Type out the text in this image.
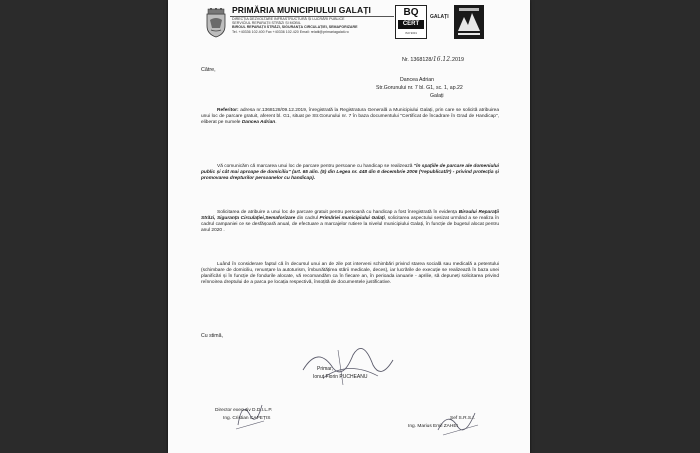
PRIMĂRIA MUNICIPIULUI GALAȚI
DIRECȚIA DEZVOLTARE INFRASTRUCTURĂ ȘI LUCRĂRI PUBLICE
SERVICIUL REPARAȚII STRĂZI ȘI MOBIL
BIROUL REPARAȚII STRĂZI, SIGURANȚA CIRCULAȚIEI, SEMAFORIZARE
Tel. +40336 102.400 Fax +40336 102.420 Email: relatii@primariagalati.ro
BQ
CERT
ISO 9001
GALAȚI
Nr. 1368128/16.12.2019
Către,
Dancea Adrian
Str.Gorunului nr. 7 bl. G1, sc. 1, ap.22
Galați
Referitor: adresa nr.1368128/09.12.2019, înregistrată la Registratura Generală a Municipiului Galați, prin care se solicită atribuirea unui loc de parcare gratuit, aferent bl. G1, situat pe Str.Gorunului nr. 7 în baza documentului "Certificat de încadrare în Grad de Handicap", eliberat pe numele Dancea Adrian.
Vă comunicăm că marcarea unui loc de parcare pentru persoane cu handicap se realizează "în spațiile de parcare ale domeniului public și cât mai aproape de domiciliu" (art. 65 alin. (5) din Legea nr. 448 din 6 decembrie 2006 (*republicată*) - privind protecția și promovarea drepturilor persoanelor cu handicap).
Solicitarea de atribuire a unui loc de parcare gratuit pentru persoană cu handicap a fost înregistrată în evidența Biroului Reparații Străzi, Siguranța Circulației,Semaforizare din cadrul Primăriei municipiului Galați, solicitarea aspectului sesizat urmând a se realiza în cadrul campaniei ce se desfășoară anual, de efectuare a marcajelor rutiere la nivelul municipiului Galați, în funcție de bugetul alocat pentru anul 2020 .
Luând în considerare faptul că în decursul unui an de zile pot interveni schimbări privind starea socială sau medicală a petentului (schimbare de domiciliu, renunțare la autoturism, îmbunătățirea stării medicale, deces), iar lucrările de execuție se realizează în baza unei planificări și în funcție de fondurile alocate, vă recomandăm ca în fiecare an, în perioada ianuarie - aprilie, să depuneți solicitarea privind reînnoirea dreptului de a parca pe locația respectivă, însoțită de documentele justificative.
Cu stimă,
Primar,
Ionuț Florin PUCHEANU
Director executiv D.D.I.L.P.
Ing. Cristian CAPEȚIS	Șef S.R.S.I.
Ing. Marius Emil ZAHEI
